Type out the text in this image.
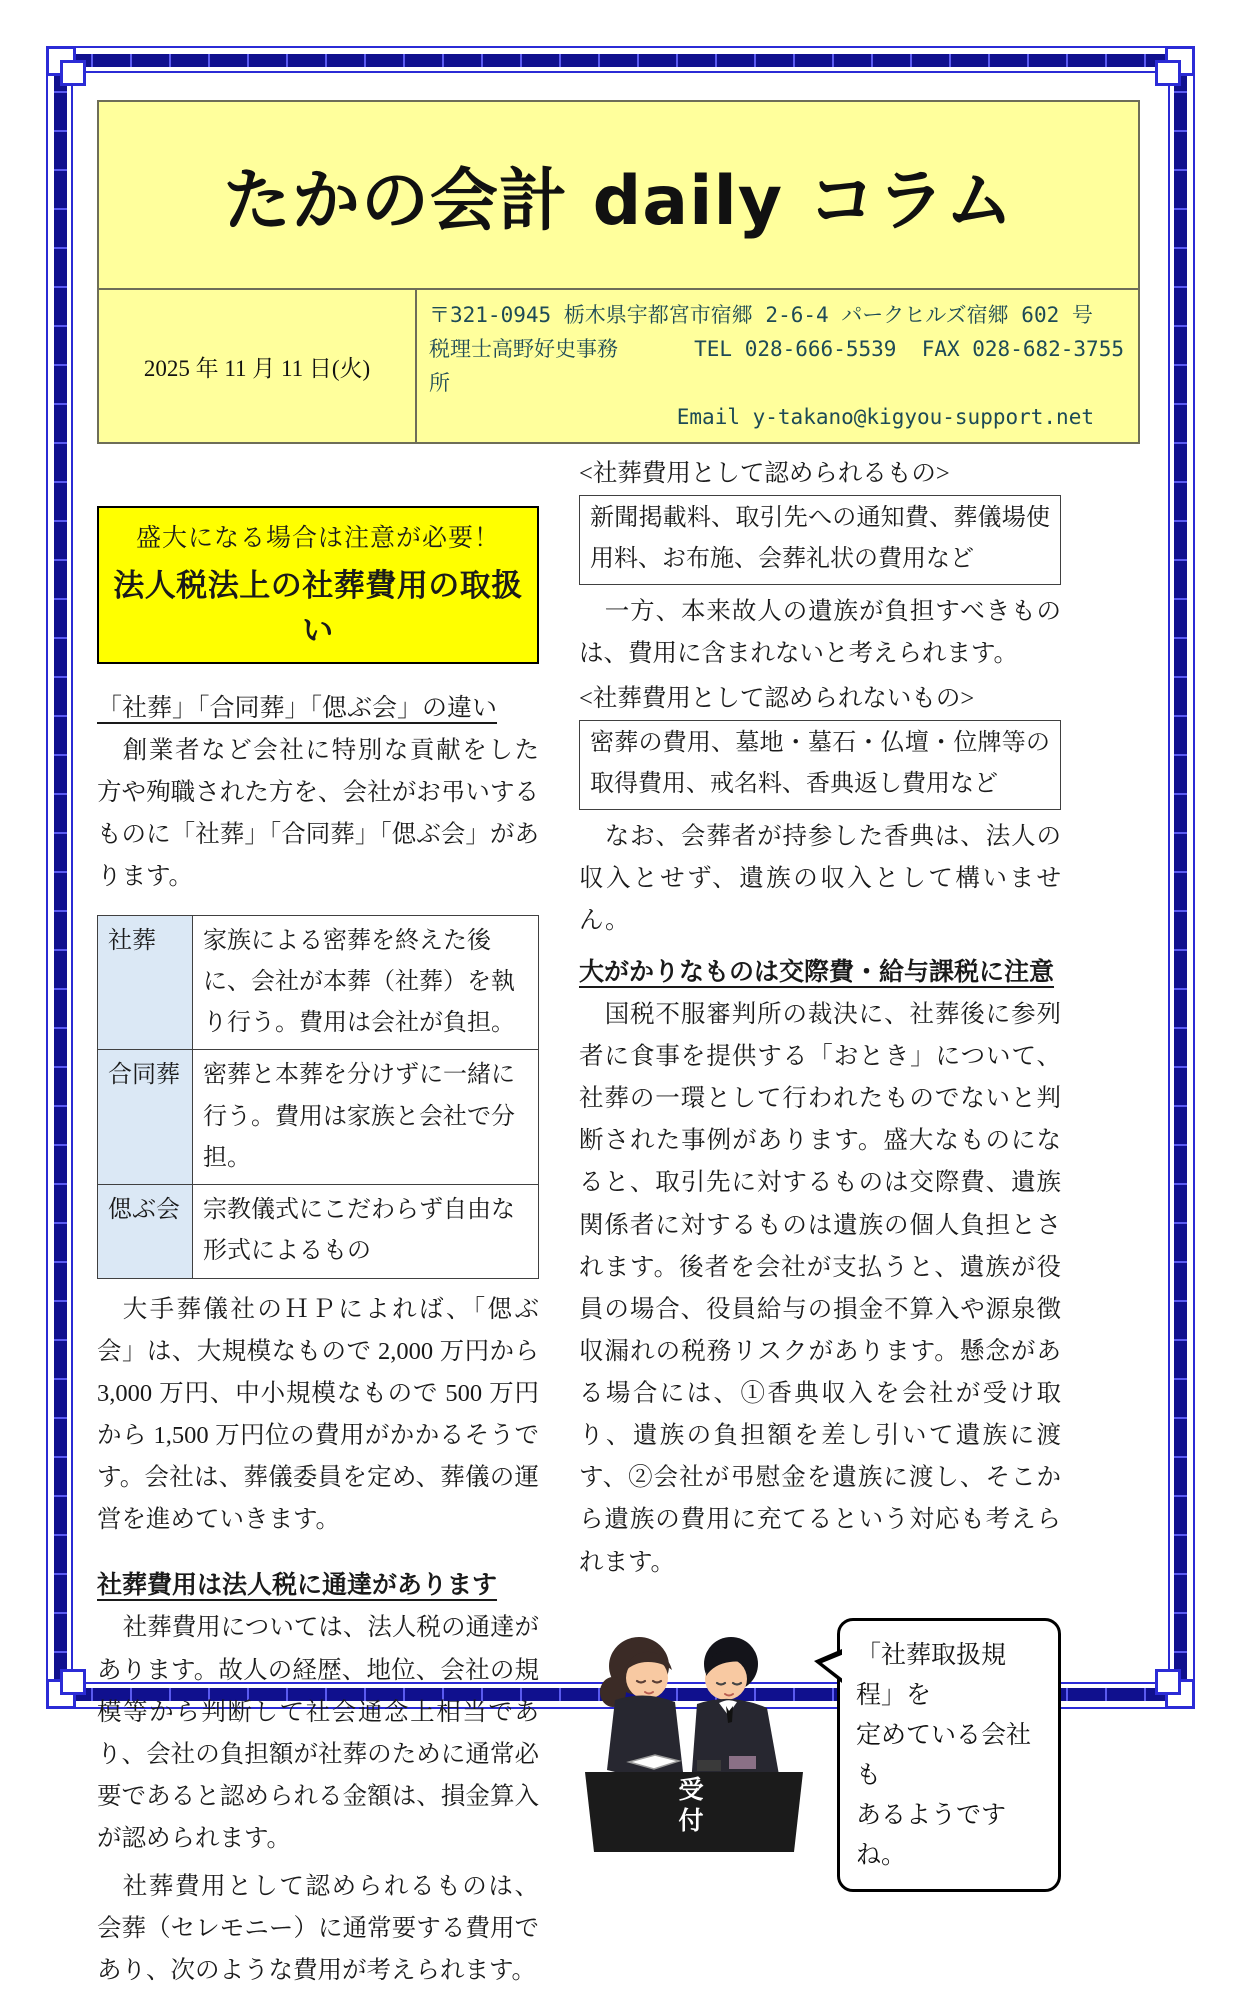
たかの会計 daily コラム
2025 年 11 月 11 日(火)
〒321-0945 栃木県宇都宮市宿郷 2-6-4 パークヒルズ宿郷 602 号
税理士高野好史事務所
TEL 028-666-5539  FAX 028-682-3755
Email y-takano@kigyou-support.net
盛大になる場合は注意が必要！
法人税法上の社葬費用の取扱い
「社葬」「合同葬」「偲ぶ会」の違い

創業者など会社に特別な貢献をした方や殉職された方を、会社がお弔いするものに「社葬」「合同葬」「偲ぶ会」があります。

社葬	家族による密葬を終えた後に、会社が本葬（社葬）を執り行う。費用は会社が負担。
合同葬	密葬と本葬を分けずに一緒に行う。費用は家族と会社で分担。
偲ぶ会	宗教儀式にこだわらず自由な形式によるもの

大手葬儀社のＨＰによれば、「偲ぶ会」は、大規模なもので 2,000 万円から 3,000 万円、中小規模なもので 500 万円から 1,500 万円位の費用がかかるそうです。会社は、葬儀委員を定め、葬儀の運営を進めていきます。

社葬費用は法人税に通達があります

社葬費用については、法人税の通達があります。故人の経歴、地位、会社の規模等から判断して社会通念上相当であり、会社の負担額が社葬のために通常必要であると認められる金額は、損金算入が認められます。

社葬費用として認められるものは、会葬（セレモニー）に通常要する費用であり、次のような費用が考えられます。

<社葬費用として認められるもの>
新聞掲載料、取引先への通知費、葬儀場使用料、お布施、会葬礼状の費用など

一方、本来故人の遺族が負担すべきものは、費用に含まれないと考えられます。

<社葬費用として認められないもの>
密葬の費用、墓地・墓石・仏壇・位牌等の取得費用、戒名料、香典返し費用など

なお、会葬者が持参した香典は、法人の収入とせず、遺族の収入として構いません。

大がかりなものは交際費・給与課税に注意

国税不服審判所の裁決に、社葬後に参列者に食事を提供する「おとき」について、社葬の一環として行われたものでないと判断された事例があります。盛大なものになると、取引先に対するものは交際費、遺族関係者に対するものは遺族の個人負担とされます。後者を会社が支払うと、遺族が役員の場合、役員給与の損金不算入や源泉徴収漏れの税務リスクがあります。懸念がある場合には、①香典収入を会社が受け取り、遺族の負担額を差し引いて遺族に渡す、②会社が弔慰金を遺族に渡し、そこから遺族の費用に充てるという対応も考えられます。

受付
「社葬取扱規程」を
定めている会社も
あるようですね。
